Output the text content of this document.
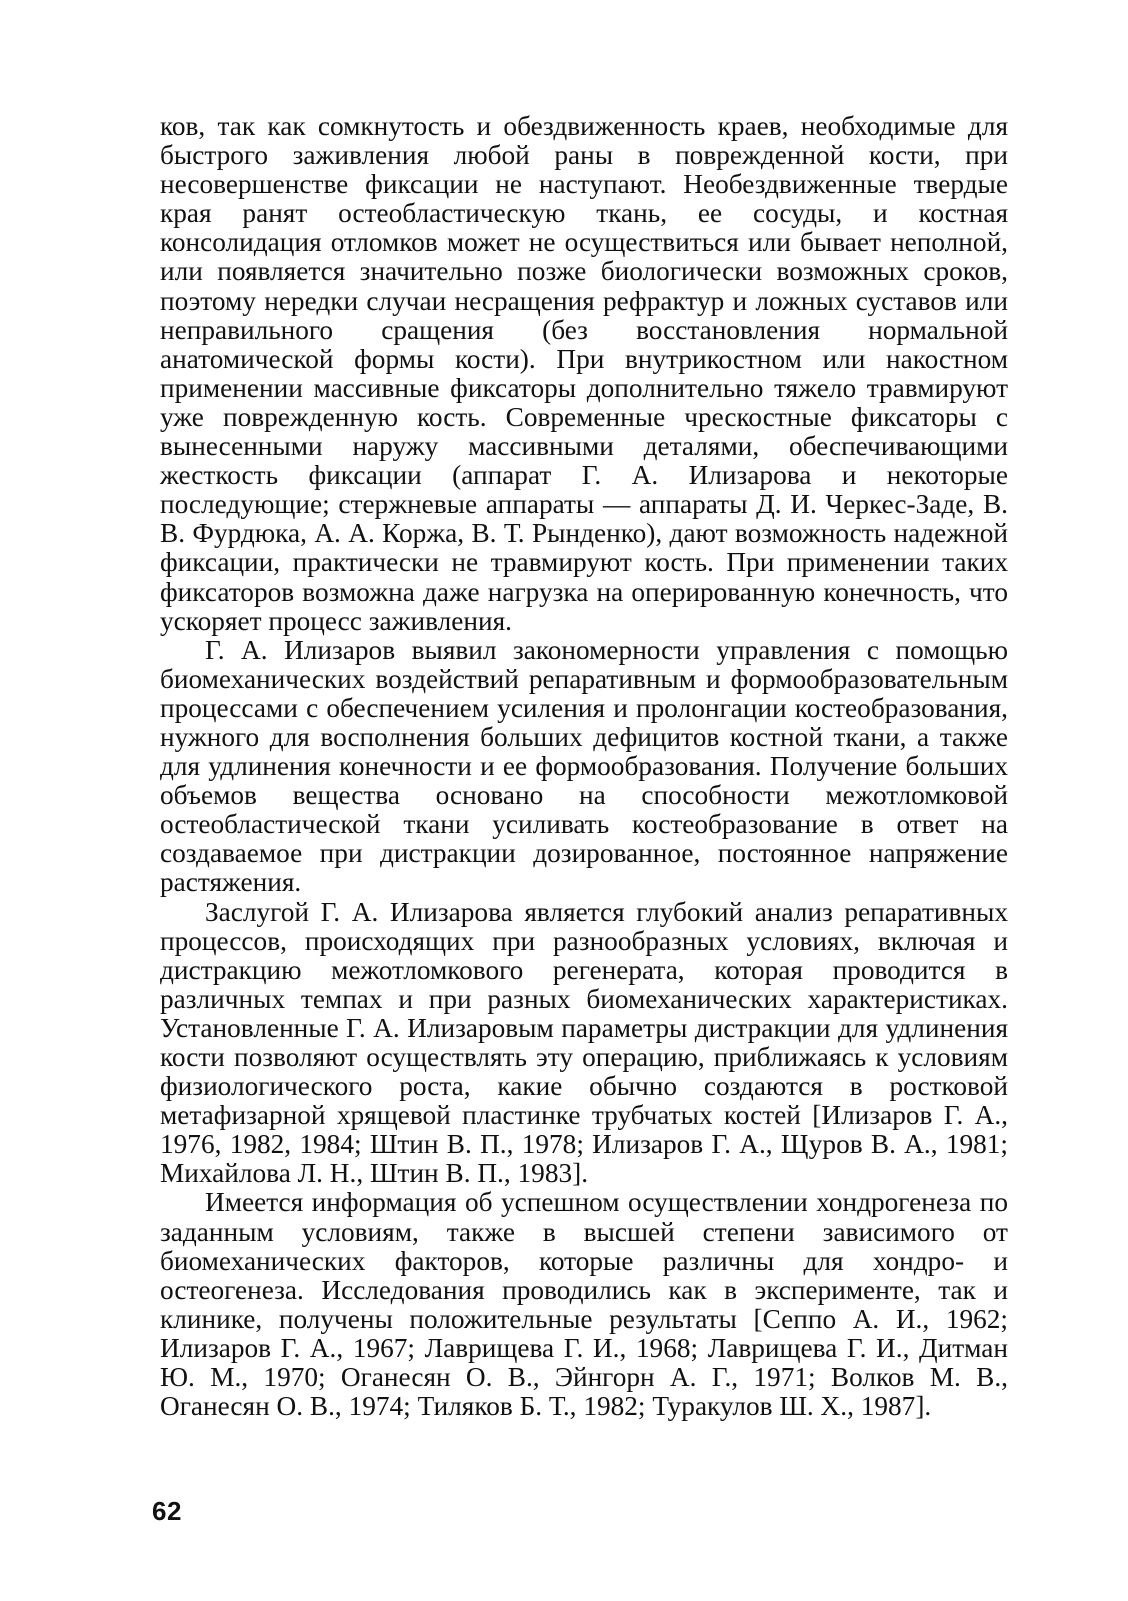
ков, так как сомкнутость и обездвиженность краев, необходимые для быстрого заживления любой раны в поврежденной кости, при несовершенстве фиксации не наступают. Необездвиженные твердые края ранят остеобластическую ткань, ее сосуды, и костная консолидация отломков может не осуществиться или бывает неполной, или появляется значительно позже биологически возможных сроков, поэтому нередки случаи несращения рефрактур и ложных суставов или неправильного сращения (без восстановления нормальной анатомической формы кости). При внутрикостном или накостном применении массивные фиксаторы дополнительно тяжело травмируют уже поврежденную кость. Современные чрескостные фиксаторы с вынесенными наружу массивными деталями, обеспечивающими жесткость фиксации (аппарат Г. А. Илизарова и некоторые последующие; стержневые аппараты — аппараты Д. И. Черкес-Заде, В. В. Фурдюка, А. А. Коржа, В. Т. Рынденко), дают возможность надежной фиксации, практически не травмируют кость. При применении таких фиксаторов возможна даже нагрузка на оперированную конечность, что ускоряет процесс заживления.

Г. А. Илизаров выявил закономерности управления с помощью биомеханических воздействий репаративным и формообразовательным процессами с обеспечением усиления и пролонгации костеобразования, нужного для восполнения больших дефицитов костной ткани, а также для удлинения конечности и ее формообразования. Получение больших объемов вещества основано на способности межотломковой остеобластической ткани усиливать костеобразование в ответ на создаваемое при дистракции дозированное, постоянное напряжение растяжения.

Заслугой Г. А. Илизарова является глубокий анализ репаративных процессов, происходящих при разнообразных условиях, включая и дистракцию межотломкового регенерата, которая проводится в различных темпах и при разных биомеханических характеристиках. Установленные Г. А. Илизаровым параметры дистракции для удлинения кости позволяют осуществлять эту операцию, приближаясь к условиям физиологического роста, какие обычно создаются в ростковой метафизарной хрящевой пластинке трубчатых костей [Илизаров Г. А., 1976, 1982, 1984; Штин В. П., 1978; Илизаров Г. А., Щуров В. А., 1981; Михайлова Л. Н., Штин В. П., 1983].

Имеется информация об успешном осуществлении хондрогенеза по заданным условиям, также в высшей степени зависимого от биомеханических факторов, которые различны для хондро- и остеогенеза. Исследования проводились как в эксперименте, так и клинике, получены положительные результаты [Сеппо А. И., 1962; Илизаров Г. А., 1967; Лаврищева Г. И., 1968; Лаврищева Г. И., Дитман Ю. М., 1970; Оганесян О. В., Эйнгорн А. Г., 1971; Волков М. В., Оганесян О. В., 1974; Тиляков Б. Т., 1982; Туракулов Ш. Х., 1987].

62
